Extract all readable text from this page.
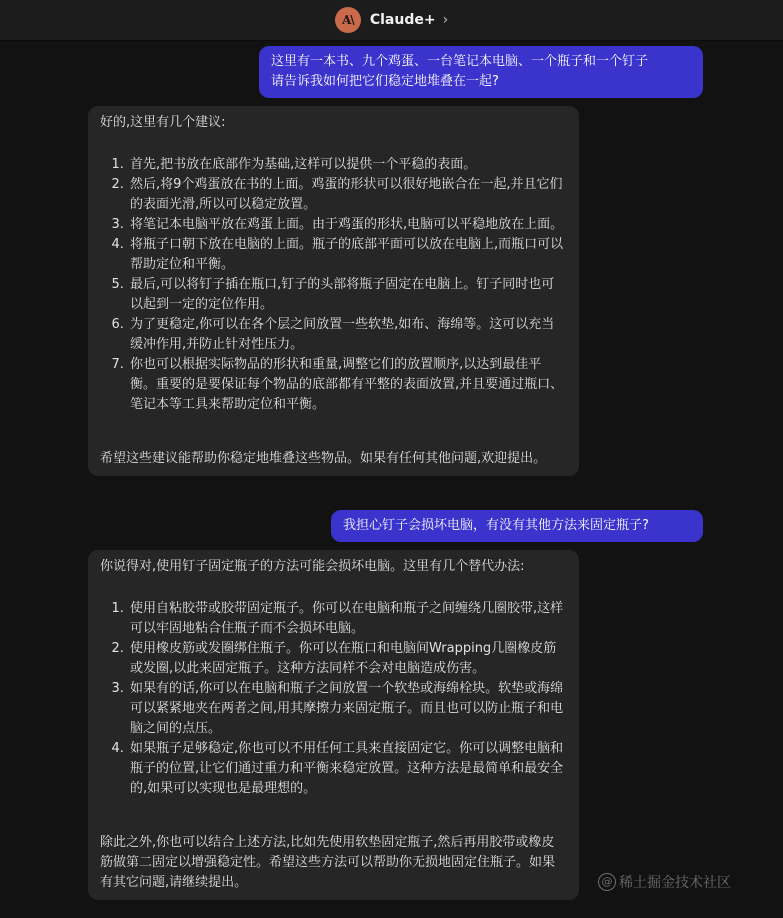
A\	Claude+ ›
这里有一本书、九个鸡蛋、一台笔记本电脑、一个瓶子和一个钉子
请告诉我如何把它们稳定地堆叠在一起?

好的,这里有几个建议:

1. 首先,把书放在底部作为基础,这样可以提供一个平稳的表面。
2. 然后,将9个鸡蛋放在书的上面。鸡蛋的形状可以很好地嵌合在一起,并且它们的表面光滑,所以可以稳定放置。
3. 将笔记本电脑平放在鸡蛋上面。由于鸡蛋的形状,电脑可以平稳地放在上面。
4. 将瓶子口朝下放在电脑的上面。瓶子的底部平面可以放在电脑上,而瓶口可以帮助定位和平衡。
5. 最后,可以将钉子插在瓶口,钉子的头部将瓶子固定在电脑上。钉子同时也可以起到一定的定位作用。
6. 为了更稳定,你可以在各个层之间放置一些软垫,如布、海绵等。这可以充当缓冲作用,并防止针对性压力。
7. 你也可以根据实际物品的形状和重量,调整它们的放置顺序,以达到最佳平衡。重要的是要保证每个物品的底部都有平整的表面放置,并且要通过瓶口、笔记本等工具来帮助定位和平衡。

希望这些建议能帮助你稳定地堆叠这些物品。如果有任何其他问题,欢迎提出。

我担心钉子会损坏电脑，有没有其他方法来固定瓶子?

你说得对,使用钉子固定瓶子的方法可能会损坏电脑。这里有几个替代办法:

1. 使用自粘胶带或胶带固定瓶子。你可以在电脑和瓶子之间缠绕几圈胶带,这样可以牢固地粘合住瓶子而不会损坏电脑。
2. 使用橡皮筋或发圈绑住瓶子。你可以在瓶口和电脑间Wrapping几圈橡皮筋或发圈,以此来固定瓶子。这种方法同样不会对电脑造成伤害。
3. 如果有的话,你可以在电脑和瓶子之间放置一个软垫或海绵栓块。软垫或海绵可以紧紧地夹在两者之间,用其摩擦力来固定瓶子。而且也可以防止瓶子和电脑之间的点压。
4. 如果瓶子足够稳定,你也可以不用任何工具来直接固定它。你可以调整电脑和瓶子的位置,让它们通过重力和平衡来稳定放置。这种方法是最简单和最安全的,如果可以实现也是最理想的。

除此之外,你也可以结合上述方法,比如先使用软垫固定瓶子,然后再用胶带或橡皮筋做第二固定以增强稳定性。希望这些方法可以帮助你无损地固定住瓶子。如果有其它问题,请继续提出。	@ 稀土掘金技术社区
